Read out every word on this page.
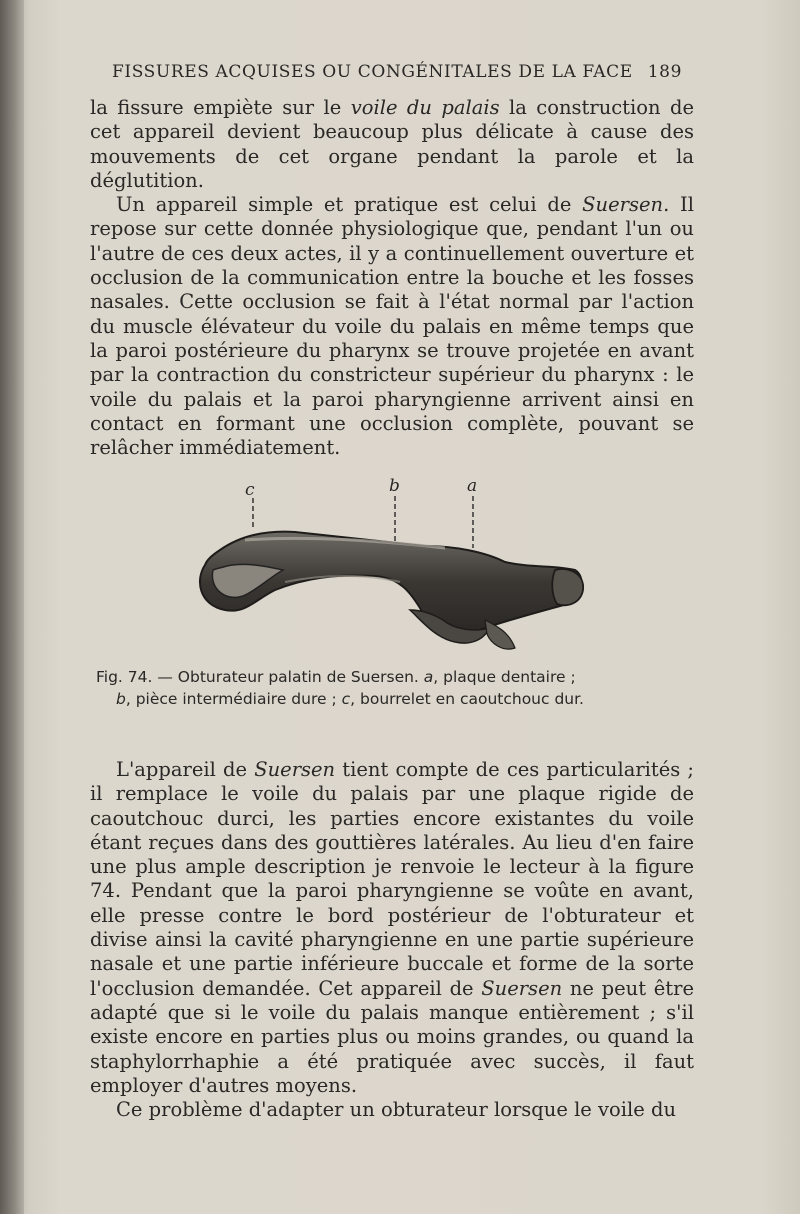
FISSURES ACQUISES OU CONGÉNITALES DE LA FACE 189

la fissure empiète sur le voile du palais la construction de cet appareil devient beaucoup plus délicate à cause des mouvements de cet organe pendant la parole et la déglutition.

Un appareil simple et pratique est celui de Suersen. Il repose sur cette donnée physiologique que, pendant l'un ou l'autre de ces deux actes, il y a continuellement ouverture et occlusion de la communication entre la bouche et les fosses nasales. Cette occlusion se fait à l'état normal par l'action du muscle élévateur du voile du palais en même temps que la paroi postérieure du pharynx se trouve projetée en avant par la contraction du constricteur supérieur du pharynx : le voile du palais et la paroi pharyngienne arrivent ainsi en contact en formant une occlusion complète, pouvant se relâcher immédiatement.

c	b	a
Fig. 74. — Obturateur palatin de Suersen. a, plaque dentaire ;
b, pièce intermédiaire dure ; c, bourrelet en caoutchouc dur.

L'appareil de Suersen tient compte de ces particularités ; il remplace le voile du palais par une plaque rigide de caoutchouc durci, les parties encore existantes du voile étant reçues dans des gouttières latérales. Au lieu d'en faire une plus ample description je renvoie le lecteur à la figure 74. Pendant que la paroi pharyngienne se voûte en avant, elle presse contre le bord postérieur de l'obturateur et divise ainsi la cavité pharyngienne en une partie supérieure nasale et une partie inférieure buccale et forme de la sorte l'occlusion demandée. Cet appareil de Suersen ne peut être adapté que si le voile du palais manque entièrement ; s'il existe encore en parties plus ou moins grandes, ou quand la staphylorrhaphie a été pratiquée avec succès, il faut employer d'autres moyens.

Ce problème d'adapter un obturateur lorsque le voile du
